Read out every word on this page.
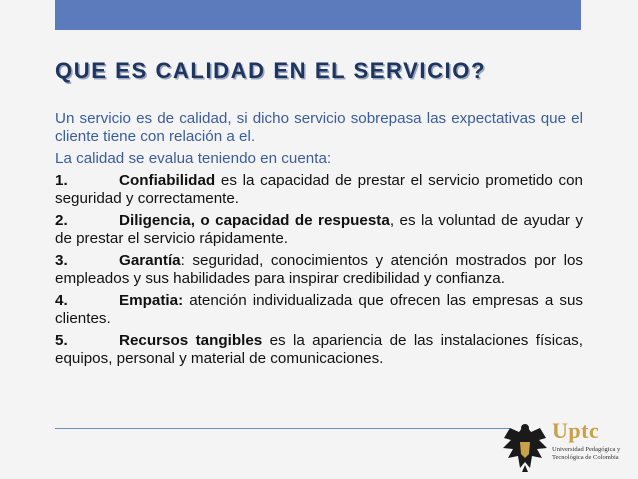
QUE ES CALIDAD EN EL SERVICIO?

Un servicio es de calidad, si dicho servicio sobrepasa las expectativas que el cliente tiene con relación a el.

La calidad se evalua teniendo en cuenta:

1.	Confiabilidad es la capacidad de prestar el servicio prometido con seguridad y correctamente.

2.	Diligencia, o capacidad de respuesta, es la voluntad de ayudar y de prestar el servicio rápidamente.

3.	Garantía: seguridad, conocimientos y atención mostrados por los empleados y sus habilidades para inspirar credibilidad y confianza.

4.	Empatia: atención individualizada que ofrecen las empresas a sus clientes.

5.	Recursos tangibles es la apariencia de las instalaciones físicas, equipos, personal y material de comunicaciones.

Uptc
Universidad Pedagógica y Tecnológica de Colombia
